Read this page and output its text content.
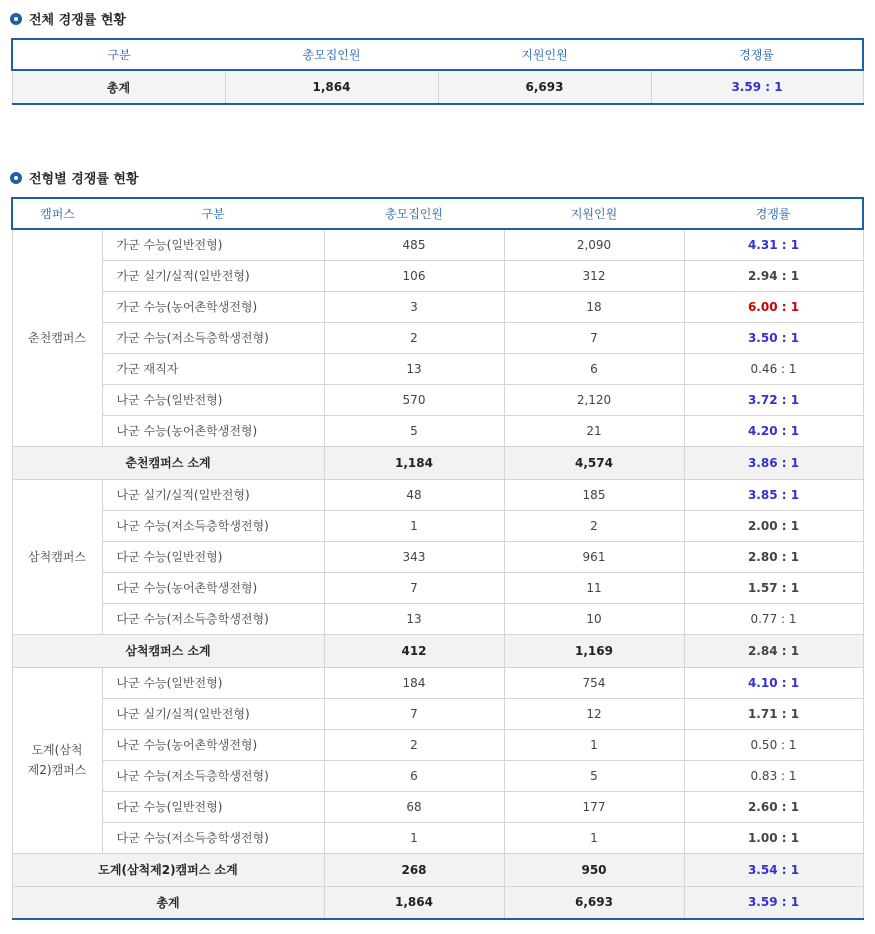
전체 경쟁률 현황
구분	총모집인원	지원인원	경쟁률
총계	1,864	6,693	3.59 : 1
전형별 경쟁률 현황
캠퍼스	구분	총모집인원	지원인원	경쟁률
춘천캠퍼스	가군 수능(일반전형)	485	2,090	4.31 : 1
	가군 실기/실적(일반전형)	106	312	2.94 : 1
	가군 수능(농어촌학생전형)	3	18	6.00 : 1
	가군 수능(저소득층학생전형)	2	7	3.50 : 1
	가군 재직자	13	6	0.46 : 1
	나군 수능(일반전형)	570	2,120	3.72 : 1
	나군 수능(농어촌학생전형)	5	21	4.20 : 1
춘천캠퍼스 소계		1,184	4,574	3.86 : 1
삼척캠퍼스	나군 실기/실적(일반전형)	48	185	3.85 : 1
	나군 수능(저소득층학생전형)	1	2	2.00 : 1
	다군 수능(일반전형)	343	961	2.80 : 1
	다군 수능(농어촌학생전형)	7	11	1.57 : 1
	다군 수능(저소득층학생전형)	13	10	0.77 : 1
삼척캠퍼스 소계		412	1,169	2.84 : 1

도계(삼척
제2)캠퍼스	나군 수능(일반전형)	184	754	4.10 : 1
	나군 실기/실적(일반전형)	7	12	1.71 : 1
	나군 수능(농어촌학생전형)	2	1	0.50 : 1
	나군 수능(저소득층학생전형)	6	5	0.83 : 1
	다군 수능(일반전형)	68	177	2.60 : 1
	다군 수능(저소득층학생전형)	1	1	1.00 : 1
도계(삼척제2)캠퍼스 소계		268	950	3.54 : 1
총계		1,864	6,693	3.59 : 1
